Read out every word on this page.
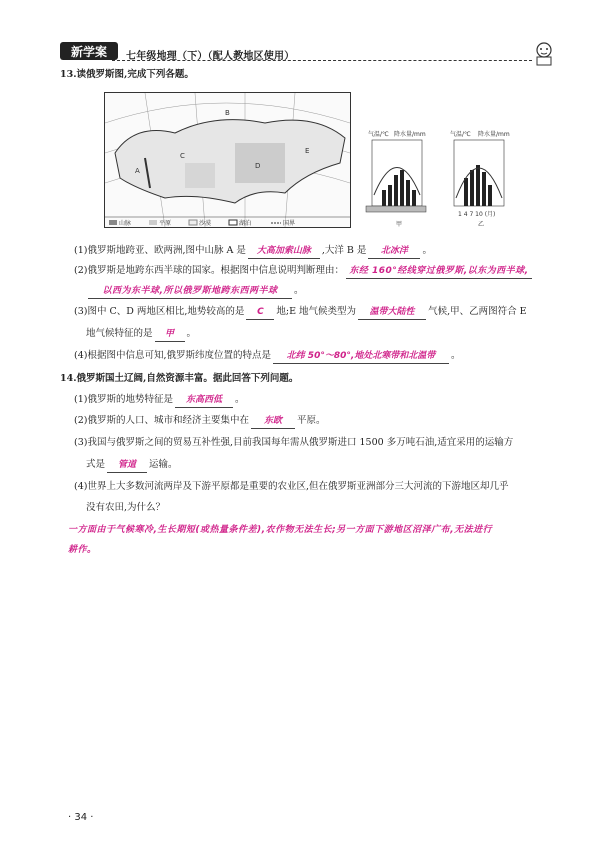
新学案 七年级地理（下）（配人教地区使用）
13.读俄罗斯图,完成下列各题。
A
B
C
D
E
山脉	平原	沙漠	湖泊	国界
气温/℃ 降水量/mm	气温/℃ 降水量/mm
1 4 7 10 (月)
甲	乙
(1)俄罗斯地跨亚、欧两洲,图中山脉 A 是 大高加索山脉 ,大洋 B 是 北冰洋 。
(2)俄罗斯是地跨东西半球的国家。根据图中信息说明判断理由： 东经 160°经线穿过俄罗斯,以东为西半球,
以西为东半球,所以俄罗斯地跨东西两半球 。
(3)图中 C、D 两地区相比,地势较高的是 C 地;E 地气候类型为 温带大陆性 气候,甲、乙两图符合 E
地气候特征的是 甲 。
(4)根据图中信息可知,俄罗斯纬度位置的特点是 北纬 50°～80°,地处北寒带和北温带 。
14.俄罗斯国土辽阔,自然资源丰富。据此回答下列问题。
(1)俄罗斯的地势特征是 东高西低 。
(2)俄罗斯的人口、城市和经济主要集中在 东欧 平原。
(3)我国与俄罗斯之间的贸易互补性强,目前我国每年需从俄罗斯进口 1500 多万吨石油,适宜采用的运输方
式是 管道 运输。
(4)世界上大多数河流两岸及下游平原都是重要的农业区,但在俄罗斯亚洲部分三大河流的下游地区却几乎
没有农田,为什么？
一方面由于气候寒冷,生长期短(或热量条件差),农作物无法生长;另一方面下游地区沼泽广布,无法进行
耕作。
· 34 ·
